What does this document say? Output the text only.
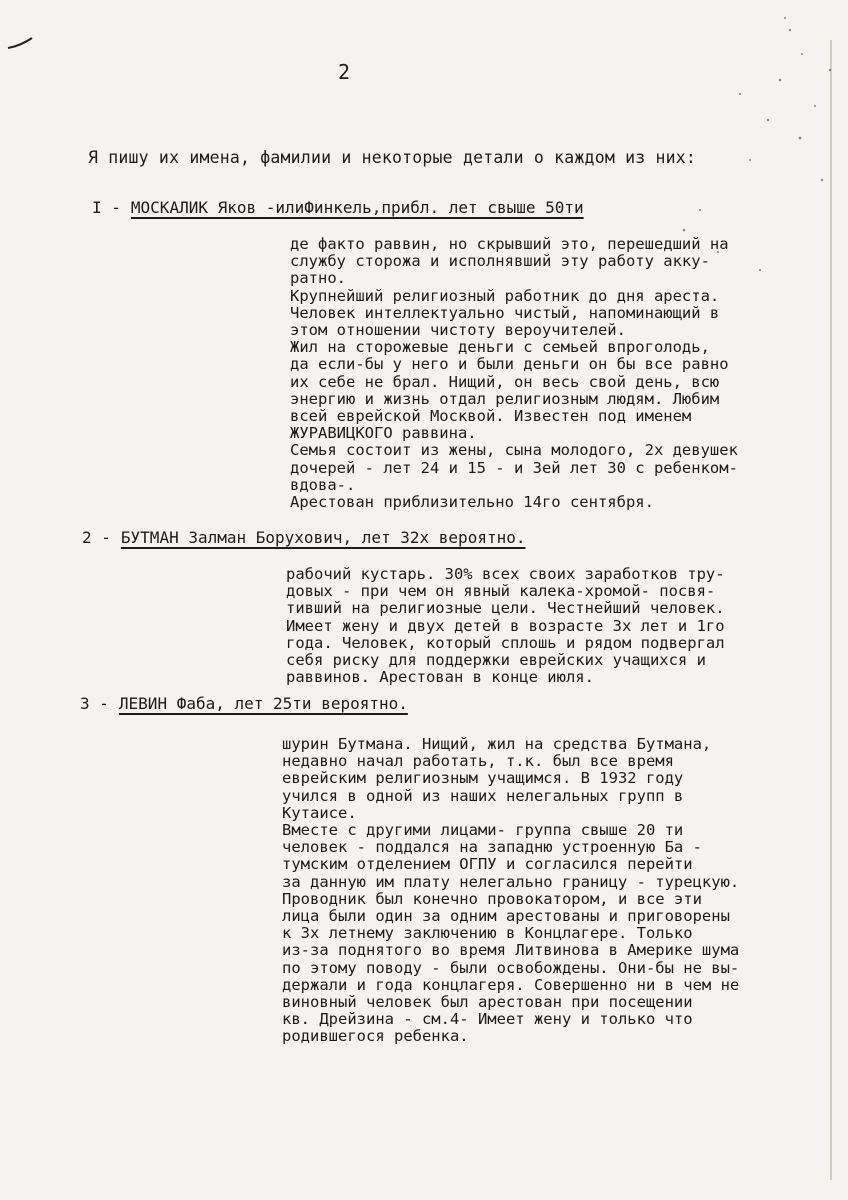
2
Я пишу их имена, фамилии и некоторые детали о каждом из них:
I - МОСКАЛИК Яков -илиФинкель,прибл. лет свыше 50ти
де факто раввин, но скрывший это, перешедший на
службу сторожа и исполнявший эту работу акку-
ратно.
Крупнейший религиозный работник до дня ареста.
Человек интеллектуально чистый, напоминающий в
этом отношении чистоту вероучителей.
Жил на сторожевые деньги с семьей впроголодь,
да если-бы у него и были деньги он бы все равно
их себе не брал. Нищий, он весь свой день, всю
энергию и жизнь отдал религиозным людям. Любим
всей еврейской Москвой. Известен под именем
ЖУРАВИЦКОГО раввина.
Семья состоит из жены, сына молодого, 2х девушек
дочерей - лет 24 и 15 - и 3ей лет 30 с ребенком-
вдова-.
Арестован приблизительно 14го сентября.
2 - БУТМАН Залман Борухович, лет 32х вероятно.
рабочий кустарь. 30% всех своих заработков тру-
довых - при чем он явный калека-хромой- посвя-
тивший на религиозные цели. Честнейший человек.
Имеет жену и двух детей в возрасте 3х лет и 1го
года. Человек, который сплошь и рядом подвергал
себя риску для поддержки еврейских учащихся и
раввинов. Арестован в конце июля.
3 - ЛЕВИН Фаба, лет 25ти вероятно.
шурин Бутмана. Нищий, жил на средства Бутмана,
недавно начал работать, т.к. был все время
еврейским религиозным учащимся. В 1932 году
учился в одной из наших нелегальных групп в
Кутаисе.
Вместе с другими лицами- группа свыше 20 ти
человек - поддался на западню устроенную Ба -
тумским отделением ОГПУ и согласился перейти
за данную им плату нелегально границу - турецкую.
Проводник был конечно провокатором, и все эти
лица были один за одним арестованы и приговорены
к 3х летнему заключению в Концлагере. Только
из-за поднятого во время Литвинова в Америке шума
по этому поводу - были освобождены. Они-бы не вы-
держали и года концлагеря. Совершенно ни в чем не
виновный человек был арестован при посещении
кв. Дрейзина - см.4- Имеет жену и только что
родившегося ребенка.
